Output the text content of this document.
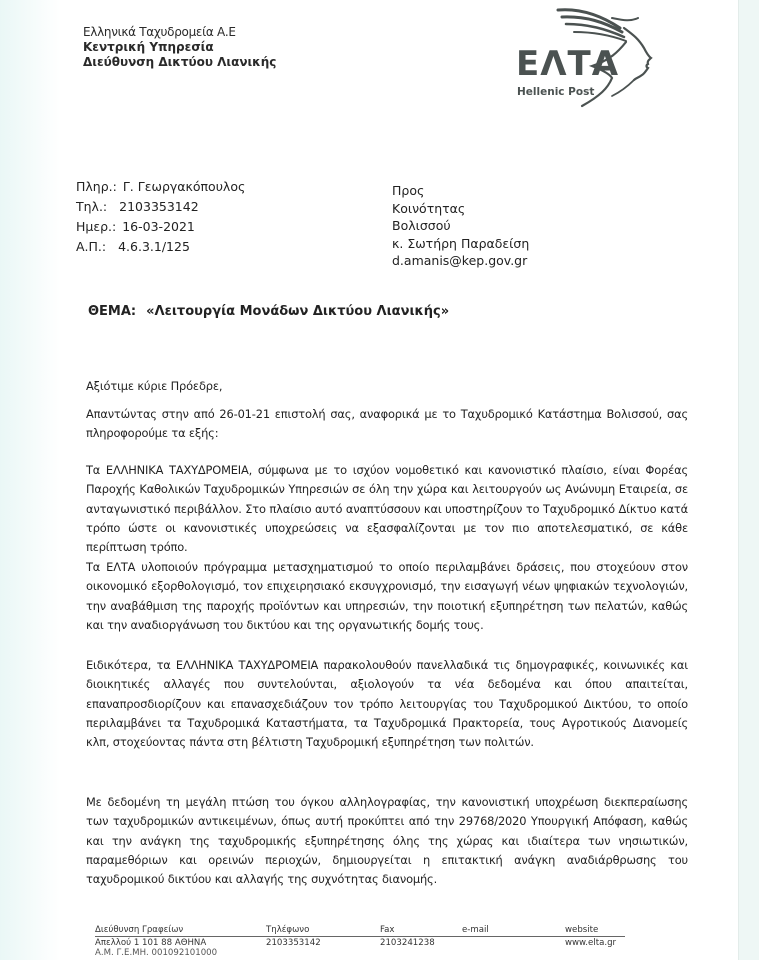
Ελληνικά Ταχυδρομεία Α.Ε
Κεντρική Υπηρεσία
Διεύθυνση Δικτύου Λιανικής	ΕΛΤΑ
Hellenic Post
Πληρ.: Γ. Γεωργακόπουλος
Τηλ.: 2103353142
Ημερ.: 16-03-2021
Α.Π.: 4.6.3.1/125
Προς
Κοινότητας
Βολισσού
κ. Σωτήρη Παραδείση
d.amanis@kep.gov.gr
ΘΕΜΑ: «Λειτουργία Μονάδων Δικτύου Λιανικής»
Αξιότιμε κύριε Πρόεδρε,
Απαντώντας στην από 26-01-21 επιστολή σας, αναφορικά με το Ταχυδρομικό Κατάστημα Βολισσού, σας πληροφορούμε τα εξής:
Τα ΕΛΛΗΝΙΚΑ ΤΑΧΥΔΡΟΜΕΙΑ, σύμφωνα με το ισχύον νομοθετικό και κανονιστικό πλαίσιο, είναι Φορέας Παροχής Καθολικών Ταχυδρομικών Υπηρεσιών σε όλη την χώρα και λειτουργούν ως Ανώνυμη Εταιρεία, σε ανταγωνιστικό περιβάλλον. Στο πλαίσιο αυτό αναπτύσσουν και υποστηρίζουν το Ταχυδρομικό Δίκτυο κατά τρόπο ώστε οι κανονιστικές υποχρεώσεις να εξασφαλίζονται με τον πιο αποτελεσματικό, σε κάθε περίπτωση τρόπο.
Τα ΕΛΤΑ υλοποιούν πρόγραμμα μετασχηματισμού το οποίο περιλαμβάνει δράσεις, που στοχεύουν στον οικονομικό εξορθολογισμό, τον επιχειρησιακό εκσυγχρονισμό, την εισαγωγή νέων ψηφιακών τεχνολογιών, την αναβάθμιση της παροχής προϊόντων και υπηρεσιών, την ποιοτική εξυπηρέτηση των πελατών, καθώς και την αναδιοργάνωση του δικτύου και της οργανωτικής δομής τους.
Ειδικότερα, τα ΕΛΛΗΝΙΚΑ ΤΑΧΥΔΡΟΜΕΙΑ παρακολουθούν πανελλαδικά τις δημογραφικές, κοινωνικές και διοικητικές αλλαγές που συντελούνται, αξιολογούν τα νέα δεδομένα και όπου απαιτείται, επαναπροσδιορίζουν και επανασχεδιάζουν τον τρόπο λειτουργίας του Ταχυδρομικού Δικτύου, το οποίο περιλαμβάνει τα Ταχυδρομικά Καταστήματα, τα Ταχυδρομικά Πρακτορεία, τους Αγροτικούς Διανομείς κλπ, στοχεύοντας πάντα στη βέλτιστη Ταχυδρομική εξυπηρέτηση των πολιτών.
Με δεδομένη τη μεγάλη πτώση του όγκου αλληλογραφίας, την κανονιστική υποχρέωση διεκπεραίωσης των ταχυδρομικών αντικειμένων, όπως αυτή προκύπτει από την 29768/2020 Υπουργική Απόφαση, καθώς και την ανάγκη της ταχυδρομικής εξυπηρέτησης όλης της χώρας και ιδιαίτερα των νησιωτικών, παραμεθόριων και ορεινών περιοχών, δημιουργείται η επιτακτική ανάγκη αναδιάρθρωσης του ταχυδρομικού δικτύου και αλλαγής της συχνότητας διανομής.
Διεύθυνση Γραφείων
Απελλού 1 101 88 ΑΘΗΝΑ
Α.Μ. Γ.Ε.ΜΗ. 001092101000
Τηλέφωνο
2103353142
Fax
2103241238
e-mail	website
www.elta.gr
